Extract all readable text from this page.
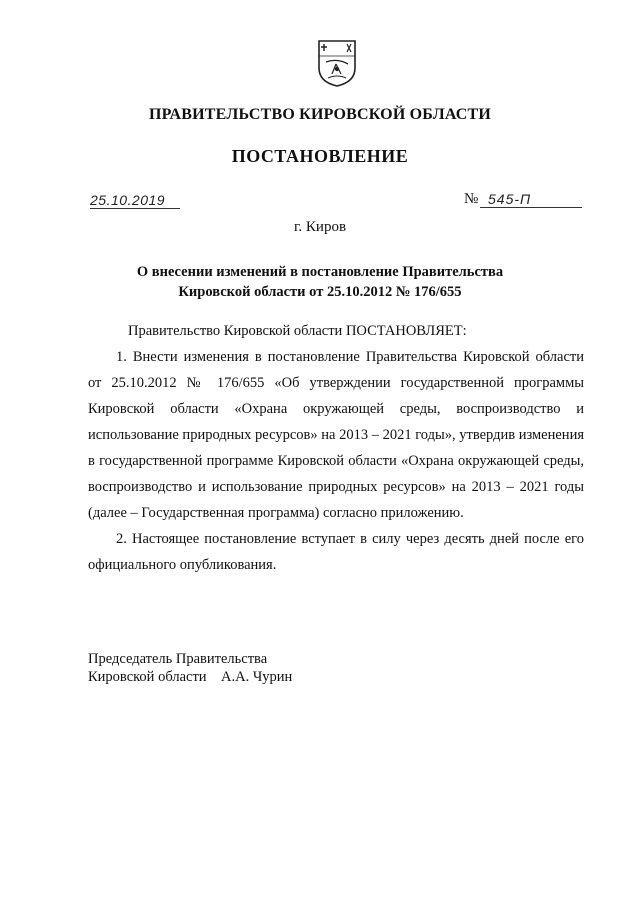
ПРАВИТЕЛЬСТВО КИРОВСКОЙ ОБЛАСТИ
ПОСТАНОВЛЕНИЕ
25.10.2019	№ 545-П
г. Киров
О внесении изменений в постановление Правительства
Кировской области от 25.10.2012 № 176/655

Правительство Кировской области ПОСТАНОВЛЯЕТ:

1. Внести изменения в постановление Правительства Кировской области от 25.10.2012 № 176/655 «Об утверждении государственной программы Кировской области «Охрана окружающей среды, воспроизводство и использование природных ресурсов» на 2013 – 2021 годы», утвердив изменения в государственной программе Кировской области «Охрана окружающей среды, воспроизводство и использование природных ресурсов» на 2013 – 2021 годы (далее – Государственная программа) согласно приложению.

2. Настоящее постановление вступает в силу через десять дней после его официального опубликования.

Председатель Правительства
Кировской области А.А. Чурин
